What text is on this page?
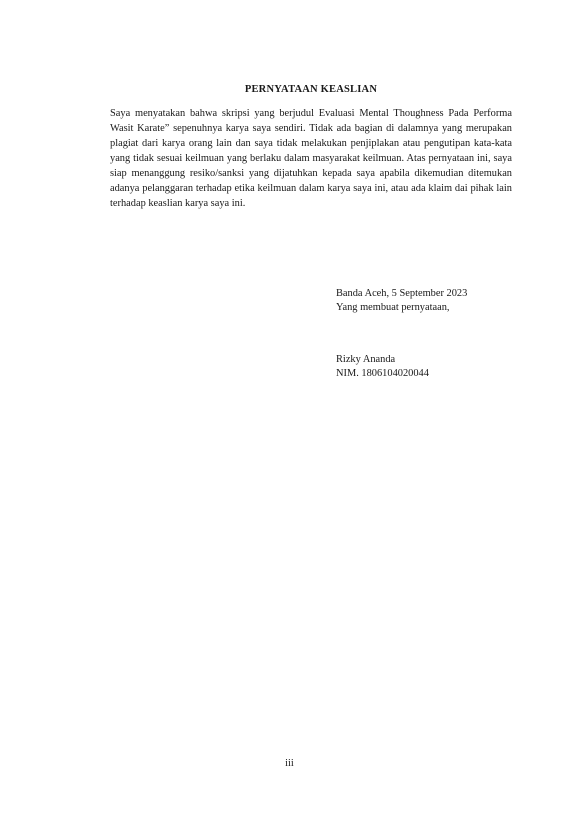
PERNYATAAN KEASLIAN
Saya menyatakan bahwa skripsi yang berjudul Evaluasi Mental Thoughness Pada Performa Wasit Karate” sepenuhnya karya saya sendiri. Tidak ada bagian di dalamnya yang merupakan plagiat dari karya orang lain dan saya tidak melakukan penjiplakan atau pengutipan kata-kata yang tidak sesuai keilmuan yang berlaku dalam masyarakat keilmuan. Atas pernyataan ini, saya siap menanggung resiko/sanksi yang dijatuhkan kepada saya apabila dikemudian ditemukan adanya pelanggaran terhadap etika keilmuan dalam karya saya ini, atau ada klaim dai pihak lain terhadap keaslian karya saya ini.
Banda Aceh, 5 September 2023
Yang membuat pernyataan,
Rizky Ananda
NIM. 1806104020044
iii
